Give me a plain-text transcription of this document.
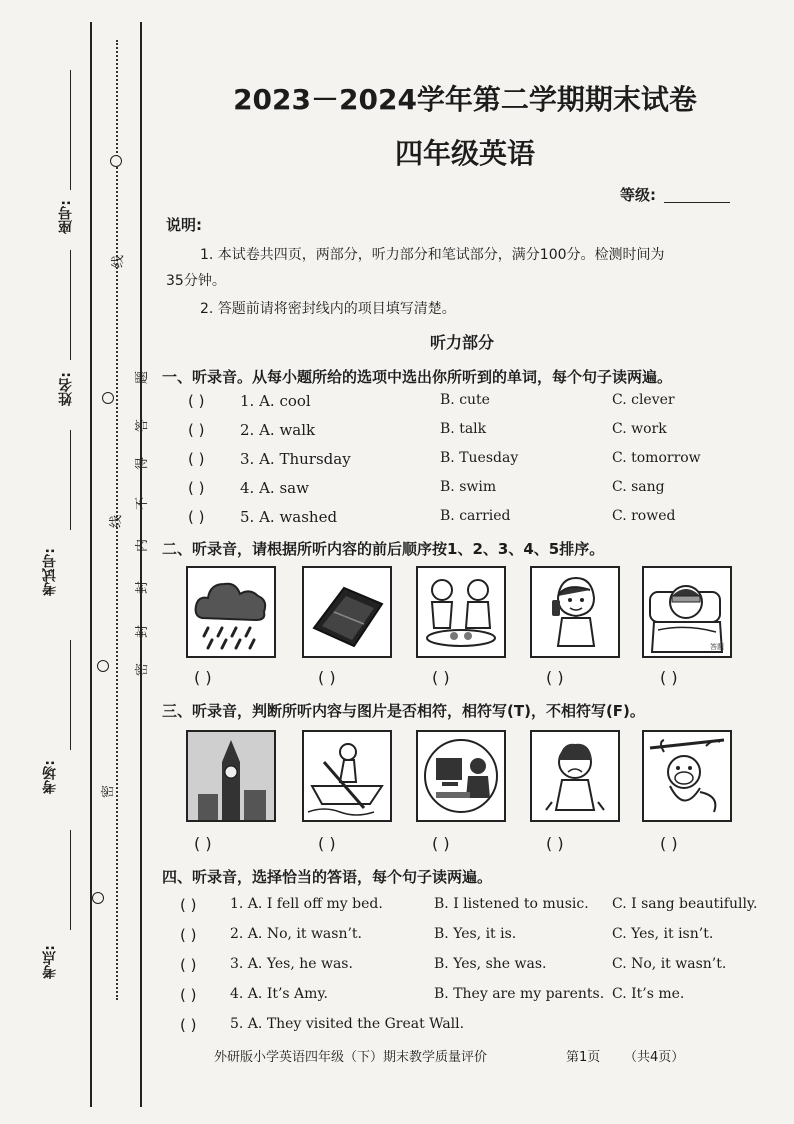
线
题
答
得
不
内
封
线
封
密
密
座号:
姓名:
考试号:
考场:
考点:
2023－2024学年第二学期期末试卷
四年级英语
等级:
说明:
1. 本试卷共四页，两部分，听力部分和笔试部分，满分100分。检测时间为
35分钟。
2. 答题前请将密封线内的项目填写清楚。
听力部分
一、听录音。从每小题所给的选项中选出你所听到的单词，每个句子读两遍。
( ) 1. A. cool	B. cute	C. clever
( ) 2. A. walk	B. talk	C. work
( ) 3. A. Thursday	B. Tuesday	C. tomorrow
( ) 4. A. saw	B. swim	C. sang
( ) 5. A. washed	B. carried	C. rowed
二、听录音，请根据所听内容的前后顺序按1、2、3、4、5排序。
答题
( )	( )	( )	( )	( )
三、听录音，判断所听内容与图片是否相符，相符写(T)，不相符写(F)。
( )	( )	( )	( )	( )
四、听录音，选择恰当的答语，每个句子读两遍。
( ) 1. A. I fell off my bed.	B. I listened to music. C. I sang beautifully.
( ) 2. A. No, it wasn’t.	B. Yes, it is.	C. Yes, it isn’t.
( ) 3. A. Yes, he was.	B. Yes, she was.	C. No, it wasn’t.
( ) 4. A. It’s Amy.	B. They are my parents. C. It’s me.
( ) 5. A. They visited the Great Wall.
外研版小学英语四年级（下）期末教学质量评价	第1页 （共4页）
